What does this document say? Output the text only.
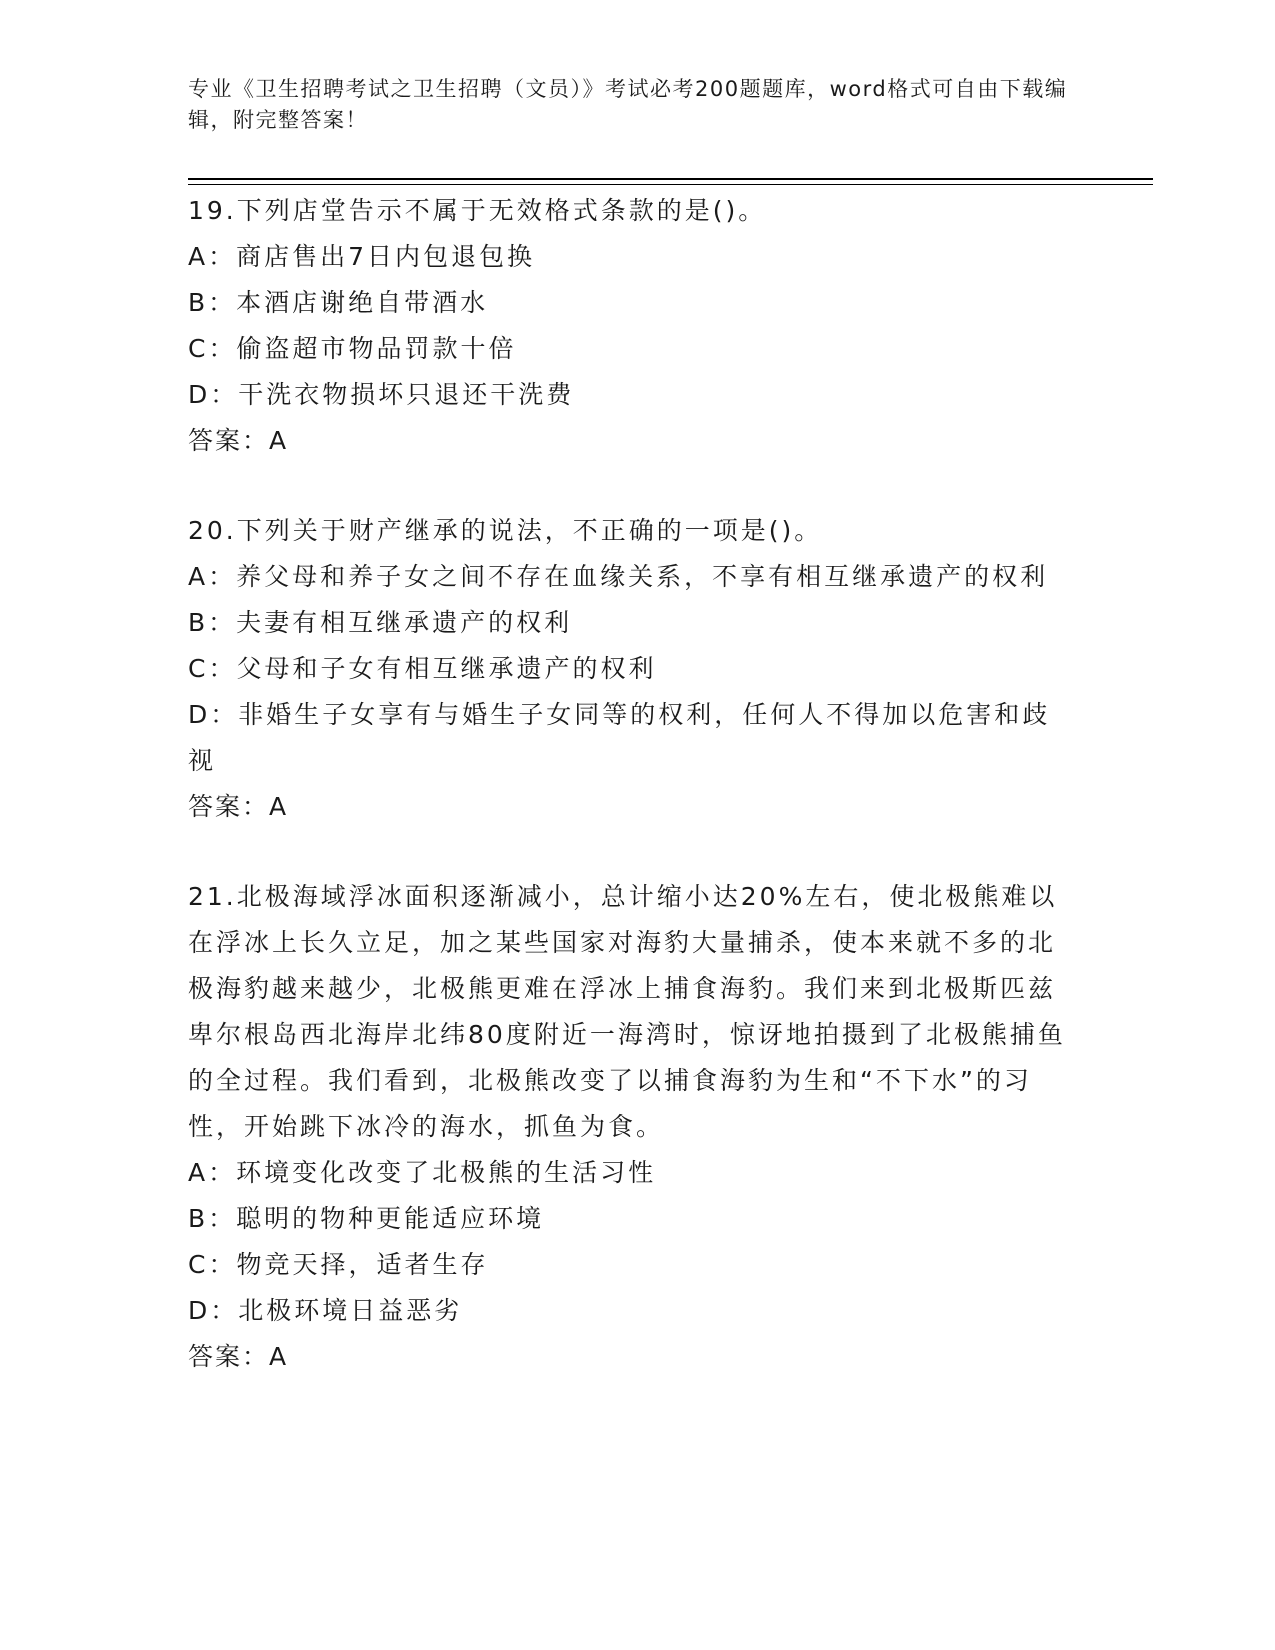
专业《卫生招聘考试之卫生招聘（文员）》考试必考200题题库，word格式可自由下载编辑，附完整答案！

19.下列店堂告示不属于无效格式条款的是()。

A：商店售出7日内包退包换

B：本酒店谢绝自带酒水

C：偷盗超市物品罚款十倍

D：干洗衣物损坏只退还干洗费

答案：A

20.下列关于财产继承的说法，不正确的一项是()。

A：养父母和养子女之间不存在血缘关系，不享有相互继承遗产的权利

B：夫妻有相互继承遗产的权利

C：父母和子女有相互继承遗产的权利

D：非婚生子女享有与婚生子女同等的权利，任何人不得加以危害和歧视

答案：A

21.北极海域浮冰面积逐渐减小，总计缩小达20%左右，使北极熊难以在浮冰上长久立足，加之某些国家对海豹大量捕杀，使本来就不多的北极海豹越来越少，北极熊更难在浮冰上捕食海豹。我们来到北极斯匹兹卑尔根岛西北海岸北纬80度附近一海湾时，惊讶地拍摄到了北极熊捕鱼的全过程。我们看到，北极熊改变了以捕食海豹为生和“不下水”的习性，开始跳下冰冷的海水，抓鱼为食。

A：环境变化改变了北极熊的生活习性

B：聪明的物种更能适应环境

C：物竞天择，适者生存

D：北极环境日益恶劣

答案：A
